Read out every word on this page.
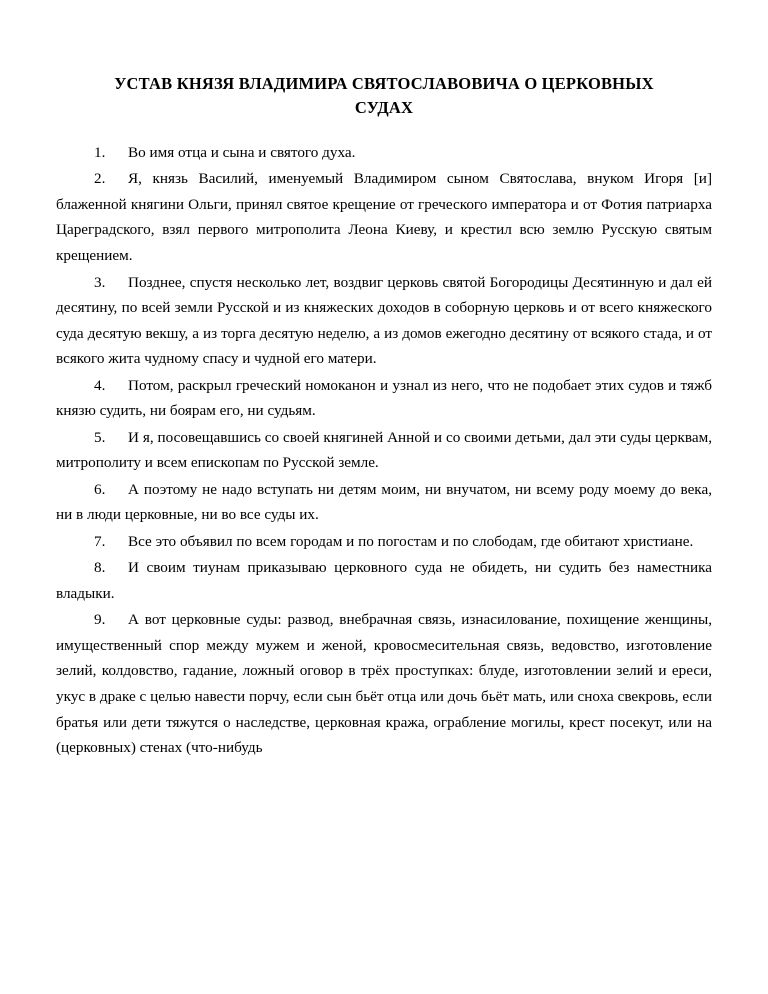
УСТАВ КНЯЗЯ ВЛАДИМИРА СВЯТОСЛАВОВИЧА О ЦЕРКОВНЫХ СУДАХ

1. Во имя отца и сына и святого духа.

2. Я, князь Василий, именуемый Владимиром сыном Святослава, внуком Игоря [и] блаженной княгини Ольги, принял святое крещение от греческого императора и от Фотия патриарха Цареградского, взял первого митрополита Леона Киеву, и крестил всю землю Русскую святым крещением.

3. Позднее, спустя несколько лет, воздвиг церковь святой Богородицы Десятинную и дал ей десятину, по всей земли Русской и из княжеских доходов в соборную церковь и от всего княжеского суда десятую векшу, а из торга десятую неделю, а из домов ежегодно десятину от всякого стада, и от всякого жита чудному спасу и чудной его матери.

4. Потом, раскрыл греческий номоканон и узнал из него, что не подобает этих судов и тяжб князю судить, ни боярам его, ни судьям.

5. И я, посовещавшись со своей княгиней Анной и со своими детьми, дал эти суды церквам, митрополиту и всем епископам по Русской земле.

6. А поэтому не надо вступать ни детям моим, ни внучатом, ни всему роду моему до века, ни в люди церковные, ни во все суды их.

7. Все это объявил по всем городам и по погостам и по слободам, где обитают христиане.

8. И своим тиунам приказываю церковного суда не обидеть, ни судить без наместника владыки.

9. А вот церковные суды: развод, внебрачная связь, изнасилование, похищение женщины, имущественный спор между мужем и женой, кровосмесительная связь, ведовство, изготовление зелий, колдовство, гадание, ложный оговор в трёх проступках: блуде, изготовлении зелий и ереси, укус в драке с целью навести порчу, если сын бьёт отца или дочь бьёт мать, или сноха свекровь, если братья или дети тяжутся о наследстве, церковная кража, ограбление могилы, крест посекут, или на (церковных) стенах (что-нибудь
